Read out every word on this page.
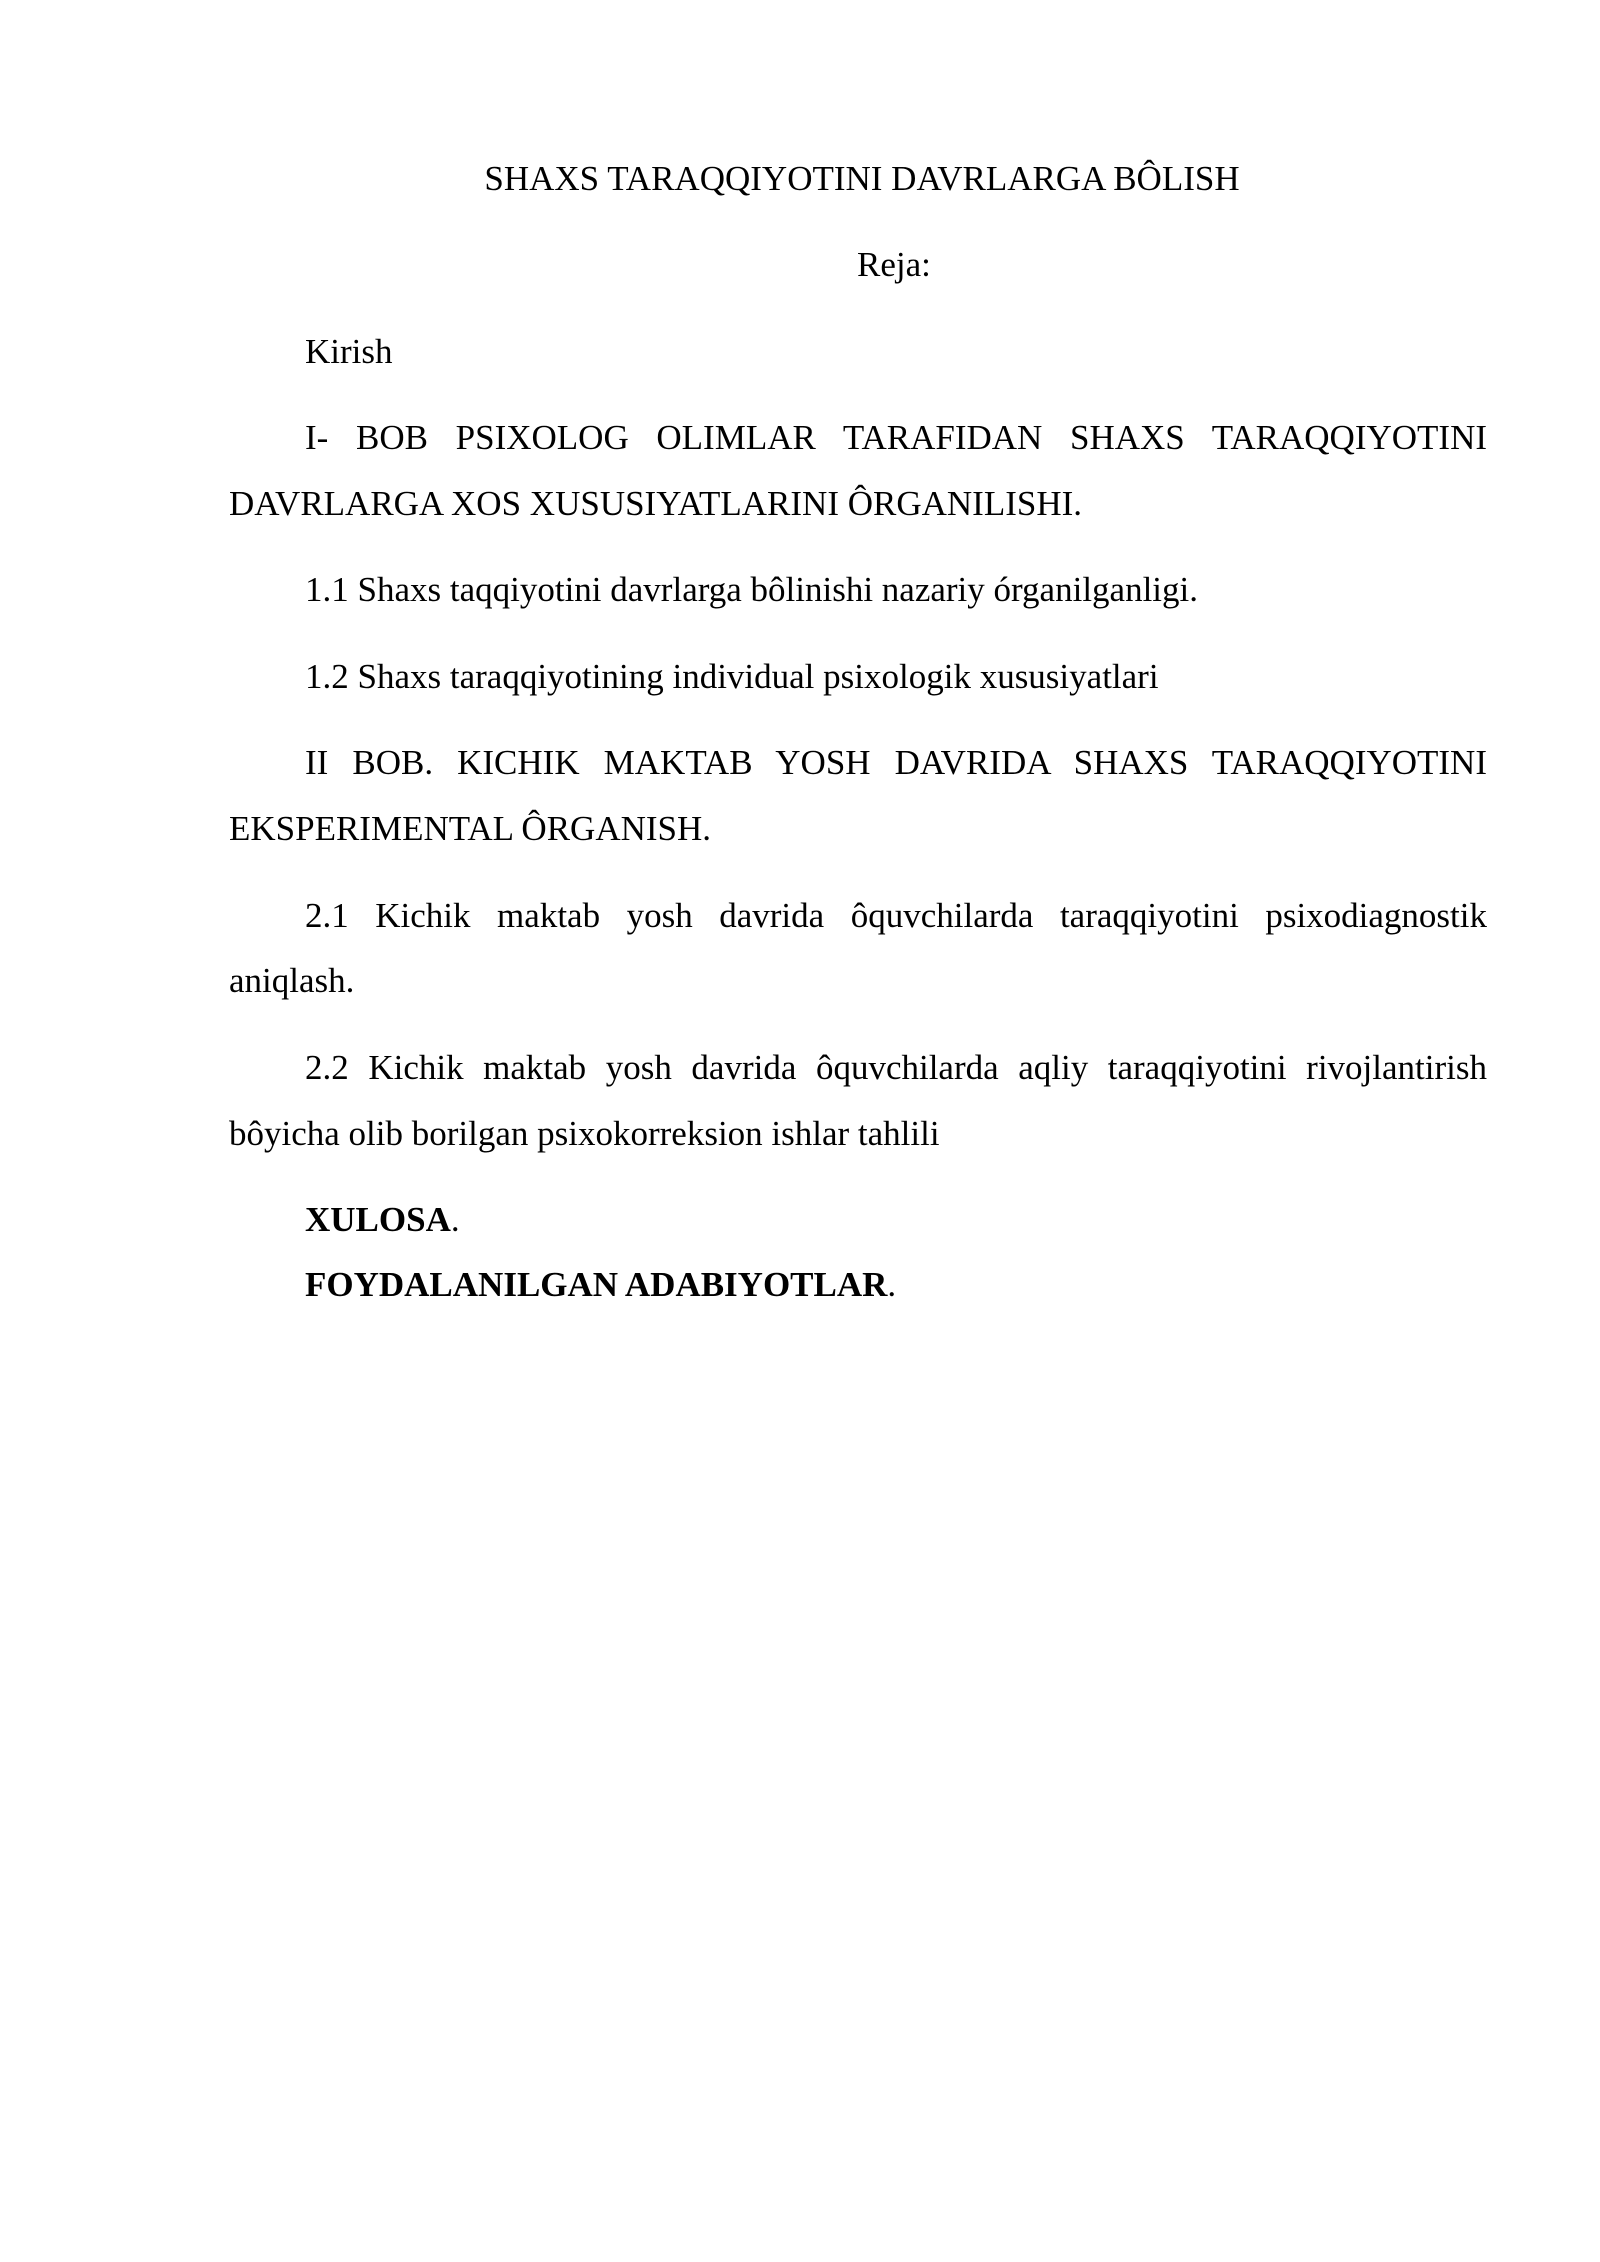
SHAXS TARAQQIYOTINI DAVRLARGA BÔLISH
Reja:
Kirish
I- BOB PSIXOLOG OLIMLAR TARAFIDAN SHAXS TARAQQIYOTINI
DAVRLARGA XOS XUSUSIYATLARINI ÔRGANILISHI.
1.1 Shaxs taqqiyotini davrlarga bôlinishi nazariy órganilganligi.
1.2 Shaxs taraqqiyotining individual psixologik xususiyatlari
II BOB. KICHIK MAKTAB YOSH DAVRIDA SHAXS TARAQQIYOTINI
EKSPERIMENTAL ÔRGANISH.
2.1 Kichik maktab yosh davrida ôquvchilarda taraqqiyotini psixodiagnostik
aniqlash.
2.2 Kichik maktab yosh davrida ôquvchilarda aqliy taraqqiyotini rivojlantirish
bôyicha olib borilgan psixokorreksion ishlar tahlili
XULOSA.
FOYDALANILGAN ADABIYOTLAR.
